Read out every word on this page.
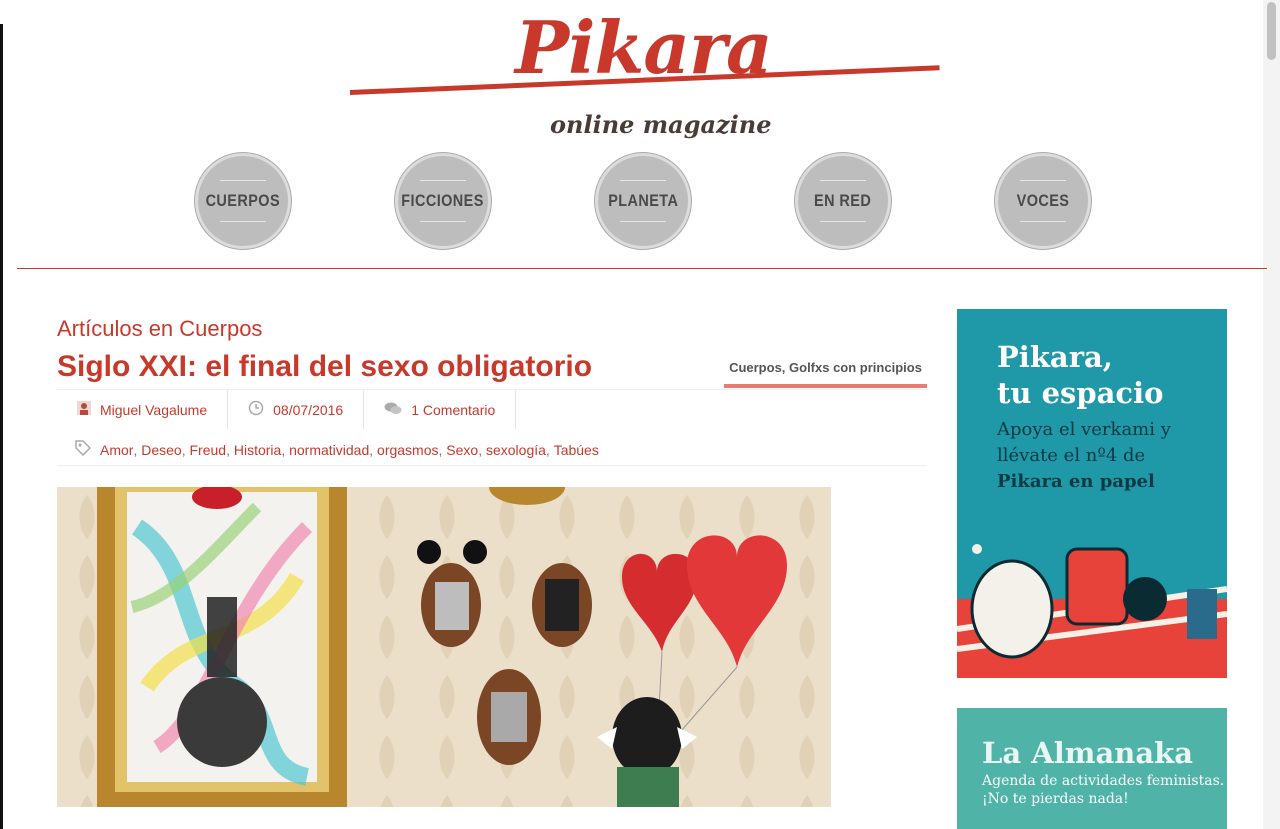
Pikara
online magazine
CUERPOS	FICCIONES	PLANETA	EN RED	VOCES
Artículos en Cuerpos
Siglo XXI: el final del sexo obligatorio	Cuerpos, Golfxs con principios
Miguel Vagalume	08/07/2016	1 Comentario
Amor , Deseo , Freud , Historia , normatividad , orgasmos , Sexo , sexología , Tabúes
Pikara,
tu espacio
Apoya el verkami y
llévate el nº4 de
Pikara en papel
La Almanaka
Agenda de actividades feministas.
¡No te pierdas nada!
